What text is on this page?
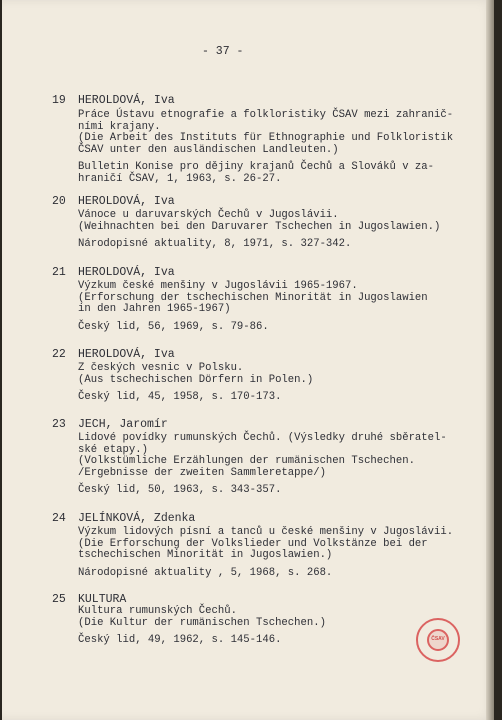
- 37 -
19 HEROLDOVÁ, Iva

Práce Ústavu etnografie a folkloristiky ČSAV mezi zahranič-

ními krajany.

(Die Arbeit des Instituts für Ethnographie und Folkloristik

ČSAV unter den ausländischen Landleuten.)

Bulletin Konise pro dějiny krajanů Čechů a Slováků v za-

hraničí ČSAV, 1, 1963, s. 26-27.

20 HEROLDOVÁ, Iva

Vánoce u daruvarských Čechů v Jugoslávii.

(Weihnachten bei den Daruvarer Tschechen in Jugoslawien.)

Národopisné aktuality, 8, 1971, s. 327-342.

21 HEROLDOVÁ, Iva

Výzkum české menšiny v Jugoslávii 1965-1967.

(Erforschung der tschechischen Minorität in Jugoslawien

in den Jahren 1965-1967)

Český lid, 56, 1969, s. 79-86.

22 HEROLDOVÁ, Iva

Z českých vesnic v Polsku.

(Aus tschechischen Dörfern in Polen.)

Český lid, 45, 1958, s. 170-173.

23 JECH, Jaromír

Lidové povídky rumunských Čechů. (Výsledky druhé sběratel-

ské etapy.)

(Volkstümliche Erzählungen der rumänischen Tschechen.

/Ergebnisse der zweiten Sammleretappe/)

Český lid, 50, 1963, s. 343-357.

24 JELÍNKOVÁ, Zdenka

Výzkum lidových písní a tanců u české menšiny v Jugoslávii.

(Die Erforschung der Volkslieder und Volkstänze bei der

tschechischen Minorität in Jugoslawien.)

Národopisné aktuality , 5, 1968, s. 268.

25 KULTURA

Kultura rumunských Čechů.

(Die Kultur der rumänischen Tschechen.)

Český lid, 49, 1962, s. 145-146.	ČSAV
